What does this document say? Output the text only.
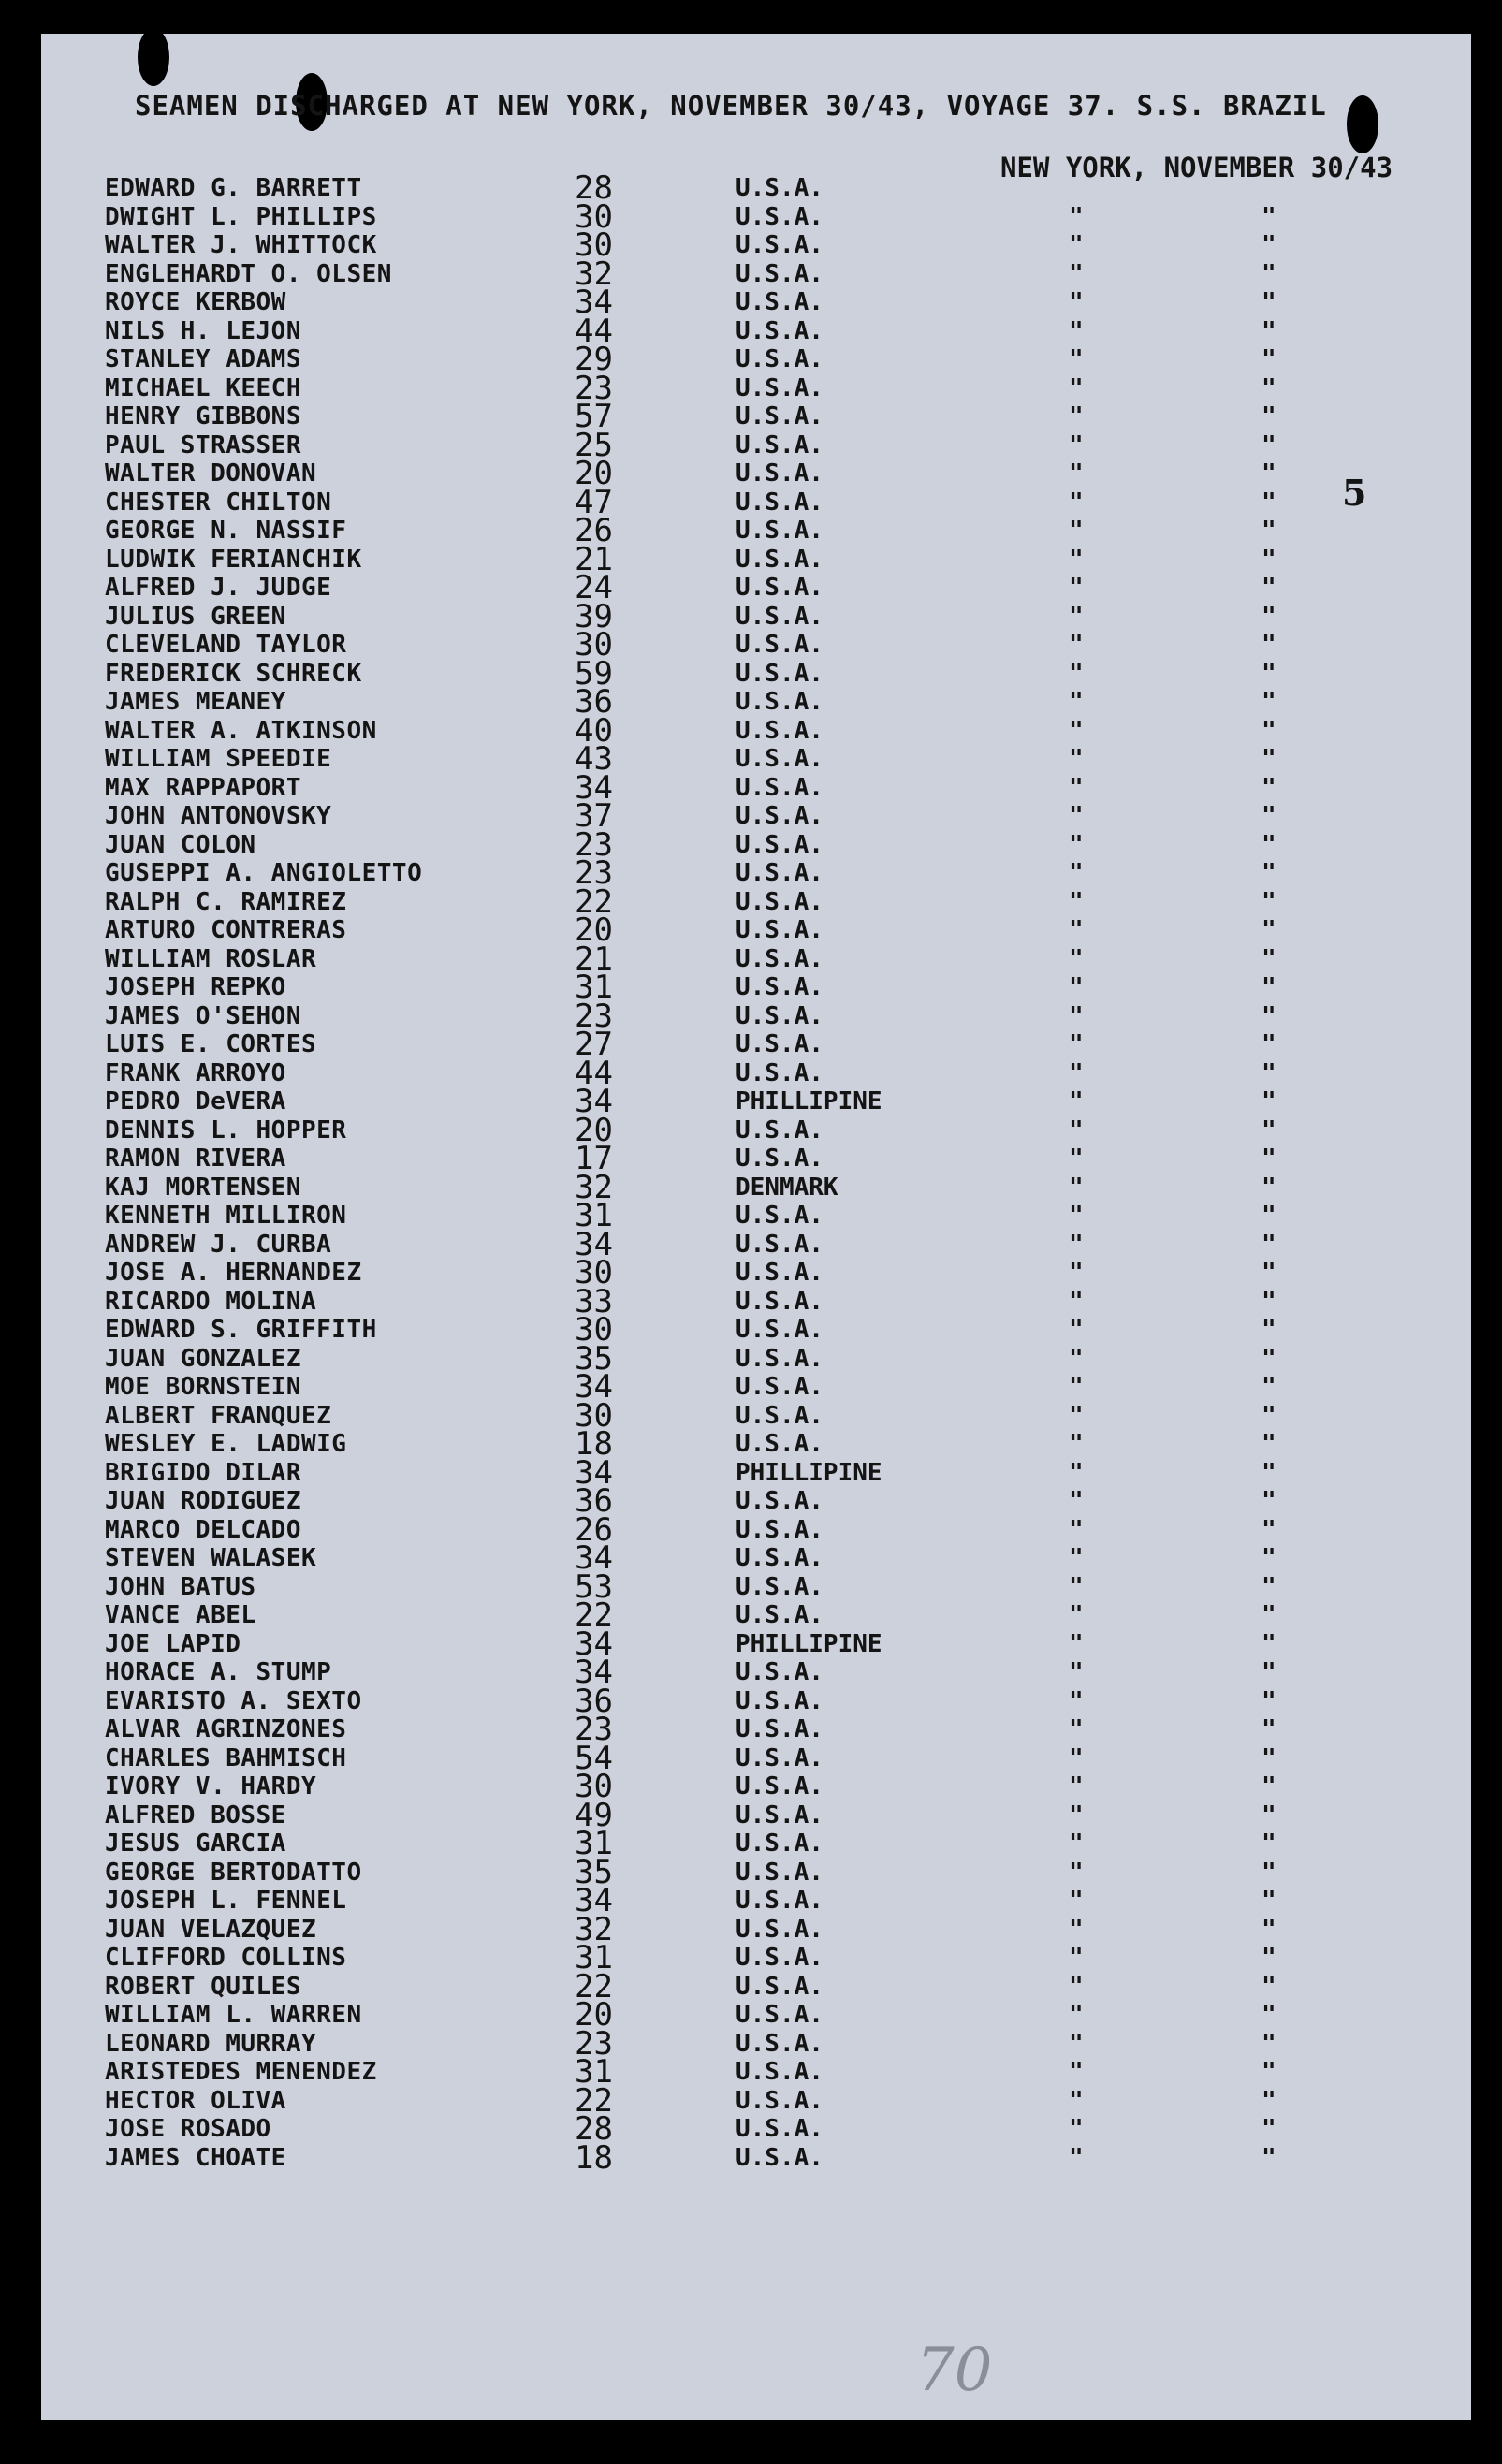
SEAMEN DISCHARGED AT NEW YORK, NOVEMBER 30/43, VOYAGE 37. S.S. BRAZIL
NEW YORK, NOVEMBER 30/43
5
EDWARD G. BARRETT	28	U.S.A.
DWIGHT L. PHILLIPS	30	U.S.A.	"	"
WALTER J. WHITTOCK	30	U.S.A.	"	"
ENGLEHARDT O. OLSEN	32	U.S.A.	"	"
ROYCE KERBOW	34	U.S.A.	"	"
NILS H. LEJON	44	U.S.A.	"	"
STANLEY ADAMS	29	U.S.A.	"	"
MICHAEL KEECH	23	U.S.A.	"	"
HENRY GIBBONS	57	U.S.A.	"	"
PAUL STRASSER	25	U.S.A.	"	"
WALTER DONOVAN	20	U.S.A.	"	"
CHESTER CHILTON	47	U.S.A.	"	"
GEORGE N. NASSIF	26	U.S.A.	"	"
LUDWIK FERIANCHIK	21	U.S.A.	"	"
ALFRED J. JUDGE	24	U.S.A.	"	"
JULIUS GREEN	39	U.S.A.	"	"
CLEVELAND TAYLOR	30	U.S.A.	"	"
FREDERICK SCHRECK	59	U.S.A.	"	"
JAMES MEANEY	36	U.S.A.	"	"
WALTER A. ATKINSON	40	U.S.A.	"	"
WILLIAM SPEEDIE	43	U.S.A.	"	"
MAX RAPPAPORT	34	U.S.A.	"	"
JOHN ANTONOVSKY	37	U.S.A.	"	"
JUAN COLON	23	U.S.A.	"	"
GUSEPPI A. ANGIOLETTO	23	U.S.A.	"	"
RALPH C. RAMIREZ	22	U.S.A.	"	"
ARTURO CONTRERAS	20	U.S.A.	"	"
WILLIAM ROSLAR	21	U.S.A.	"	"
JOSEPH REPKO	31	U.S.A.	"	"
JAMES O'SEHON	23	U.S.A.	"	"
LUIS E. CORTES	27	U.S.A.	"	"
FRANK ARROYO	44	U.S.A.	"	"
PEDRO DeVERA	34	PHILLIPINE	"	"
DENNIS L. HOPPER	20	U.S.A.	"	"
RAMON RIVERA	17	U.S.A.	"	"
KAJ MORTENSEN	32	DENMARK	"	"
KENNETH MILLIRON	31	U.S.A.	"	"
ANDREW J. CURBA	34	U.S.A.	"	"
JOSE A. HERNANDEZ	30	U.S.A.	"	"
RICARDO MOLINA	33	U.S.A.	"	"
EDWARD S. GRIFFITH	30	U.S.A.	"	"
JUAN GONZALEZ	35	U.S.A.	"	"
MOE BORNSTEIN	34	U.S.A.	"	"
ALBERT FRANQUEZ	30	U.S.A.	"	"
WESLEY E. LADWIG	18	U.S.A.	"	"
BRIGIDO DILAR	34	PHILLIPINE	"	"
JUAN RODIGUEZ	36	U.S.A.	"	"
MARCO DELCADO	26	U.S.A.	"	"
STEVEN WALASEK	34	U.S.A.	"	"
JOHN BATUS	53	U.S.A.	"	"
VANCE ABEL	22	U.S.A.	"	"
JOE LAPID	34	PHILLIPINE	"	"
HORACE A. STUMP	34	U.S.A.	"	"
EVARISTO A. SEXTO	36	U.S.A.	"	"
ALVAR AGRINZONES	23	U.S.A.	"	"
CHARLES BAHMISCH	54	U.S.A.	"	"
IVORY V. HARDY	30	U.S.A.	"	"
ALFRED BOSSE	49	U.S.A.	"	"
JESUS GARCIA	31	U.S.A.	"	"
GEORGE BERTODATTO	35	U.S.A.	"	"
JOSEPH L. FENNEL	34	U.S.A.	"	"
JUAN VELAZQUEZ	32	U.S.A.	"	"
CLIFFORD COLLINS	31	U.S.A.	"	"
ROBERT QUILES	22	U.S.A.	"	"
WILLIAM L. WARREN	20	U.S.A.	"	"
LEONARD MURRAY	23	U.S.A.	"	"
ARISTEDES MENENDEZ	31	U.S.A.	"	"
HECTOR OLIVA	22	U.S.A.	"	"
JOSE ROSADO	28	U.S.A.	"	"
JAMES CHOATE	18	U.S.A.	"	"
70
